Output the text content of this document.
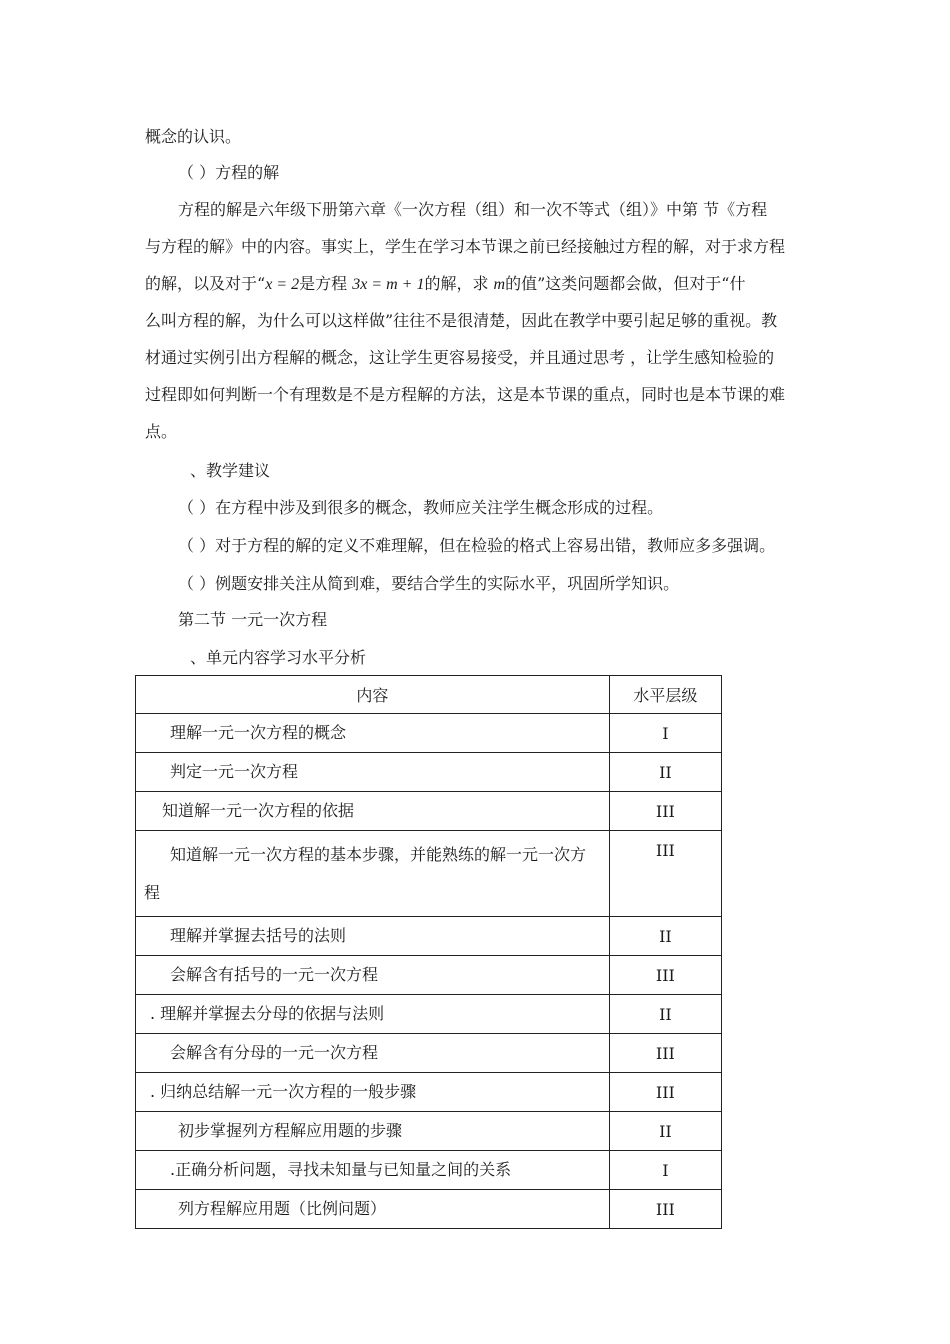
概念的认识。
（ ）方程的解
方程的解是六年级下册第六章《一次方程（组）和一次不等式（组）》中第 节《方程
与方程的解》中的内容。事实上，学生在学习本节课之前已经接触过方程的解，对于求方程
的解，以及对于“x = 2是方程 3x = m + 1的解，求 m的值”这类问题都会做，但对于“什
么叫方程的解，为什么可以这样做”往往不是很清楚，因此在教学中要引起足够的重视。教
材通过实例引出方程解的概念，这让学生更容易接受，并且通过思考 ，让学生感知检验的
过程即如何判断一个有理数是不是方程解的方法，这是本节课的重点，同时也是本节课的难
点。
、教学建议
（ ）在方程中涉及到很多的概念，教师应关注学生概念形成的过程。
（ ）对于方程的解的定义不难理解，但在检验的格式上容易出错，教师应多多强调。
（ ）例题安排关注从简到难，要结合学生的实际水平，巩固所学知识。
第二节 一元一次方程
、单元内容学习水平分析
内容	水平层级

理解一元一次方程的概念	I

判定一元一次方程	II

知道解一元一次方程的依据	III

知道解一元一次方程的基本步骤，并能熟练的解一元一次方
程	III

理解并掌握去括号的法则	II

会解含有括号的一元一次方程	III

. 理解并掌握去分母的依据与法则	II

会解含有分母的一元一次方程	III

. 归纳总结解一元一次方程的一般步骤	III

初步掌握列方程解应用题的步骤	II

.正确分析问题，寻找未知量与已知量之间的关系	I

列方程解应用题（比例问题）	III
